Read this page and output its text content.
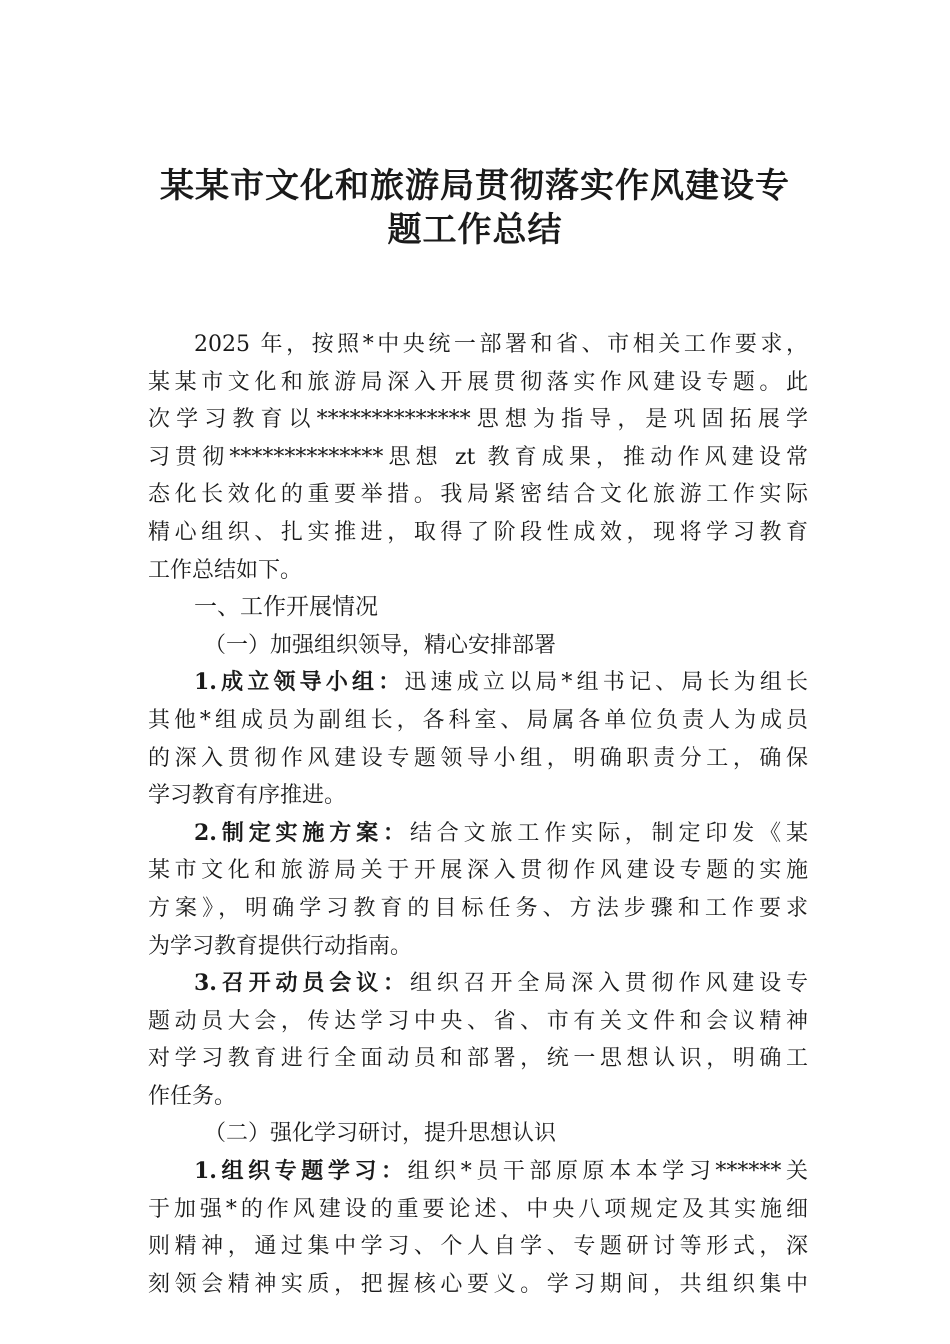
某某市文化和旅游局贯彻落实作风建设专
题工作总结
2025 年，按照*中央统一部署和省、市相关工作要求，
某某市文化和旅游局深入开展贯彻落实作风建设专题。此
次学习教育以**************思想为指导，是巩固拓展学
习贯彻**************思想 zt 教育成果，推动作风建设常
态化长效化的重要举措。我局紧密结合文化旅游工作实际
精心组织、扎实推进，取得了阶段性成效，现将学习教育
工作总结如下。
一、工作开展情况
（一）加强组织领导，精心安排部署
1.成立领导小组：迅速成立以局*组书记、局长为组长
其他*组成员为副组长，各科室、局属各单位负责人为成员
的深入贯彻作风建设专题领导小组，明确职责分工，确保
学习教育有序推进。
2.制定实施方案：结合文旅工作实际，制定印发《某
某市文化和旅游局关于开展深入贯彻作风建设专题的实施
方案》，明确学习教育的目标任务、方法步骤和工作要求
为学习教育提供行动指南。
3.召开动员会议：组织召开全局深入贯彻作风建设专
题动员大会，传达学习中央、省、市有关文件和会议精神
对学习教育进行全面动员和部署，统一思想认识，明确工
作任务。
（二）强化学习研讨，提升思想认识
1.组织专题学习：组织*员干部原原本本学习******关
于加强*的作风建设的重要论述、中央八项规定及其实施细
则精神，通过集中学习、个人自学、专题研讨等形式，深
刻领会精神实质，把握核心要义。学习期间，共组织集中
